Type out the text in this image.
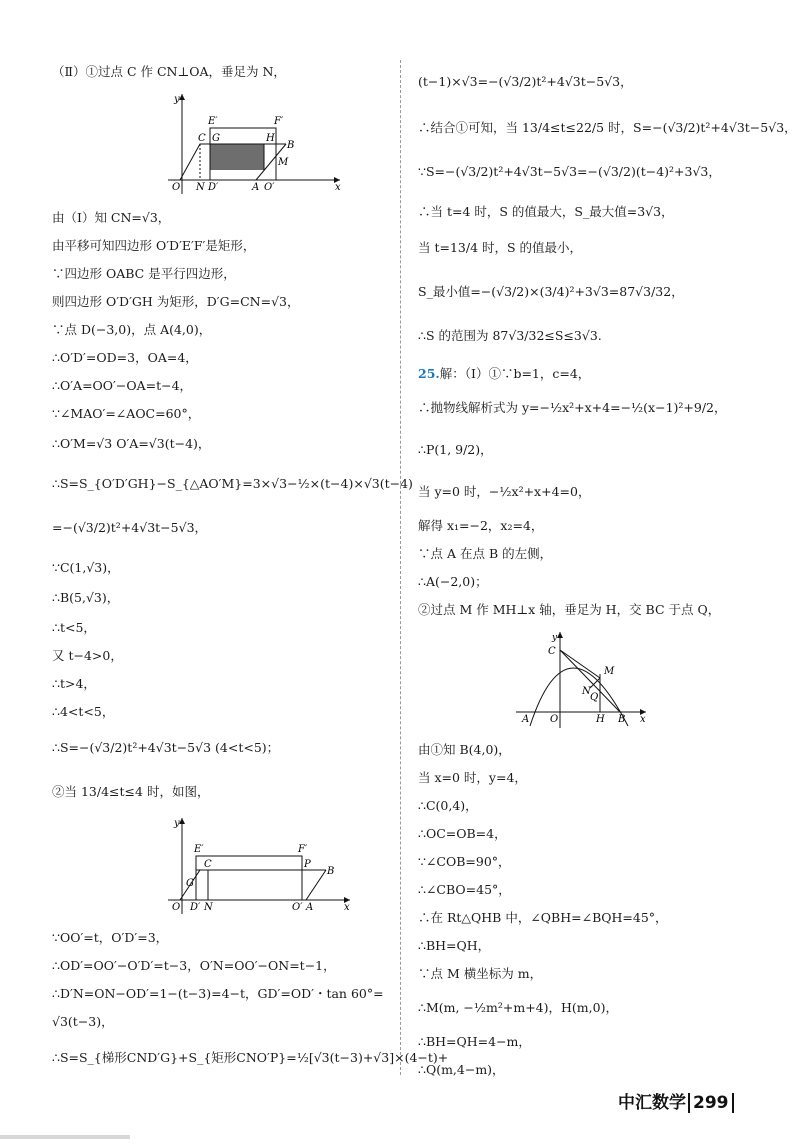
（Ⅱ）①过点 C 作 CN⊥OA，垂足为 N，
y
E′	F′
C G	H
B
M
O N D′	A O′	x
由（Ⅰ）知 CN=√3，
由平移可知四边形 O′D′E′F′是矩形，
∵四边形 OABC 是平行四边形，
则四边形 O′D′GH 为矩形，D′G=CN=√3，
∵点 D(−3,0)，点 A(4,0)，
∴O′D′=OD=3，OA=4，
∴O′A=OO′−OA=t−4，
∵∠MAO′=∠AOC=60°，
∴O′M=√3 O′A=√3(t−4)，
∴S=S_{O′D′GH}−S_{△AO′M}=3×√3−½×(t−4)×√3(t−4)
=−(√3/2)t²+4√3t−5√3，
∵C(1,√3)，
∴B(5,√3)，
∴t<5，
又 t−4>0，
∴t>4，
∴4<t<5，
∴S=−(√3/2)t²+4√3t−5√3 (4<t<5)；
②当 13/4≤t≤4 时，如图，
y
E′	F′
C	P
B
G
O D′ N	O′ A	x
∵OO′=t，O′D′=3，
∴OD′=OO′−O′D′=t−3，O′N=OO′−ON=t−1，
∴D′N=ON−OD′=1−(t−3)=4−t，GD′=OD′・tan 60°=
√3(t−3)，
∴S=S_{梯形CND′G}+S_{矩形CNO′P}=½[√3(t−3)+√3]×(4−t)+
(t−1)×√3=−(√3/2)t²+4√3t−5√3，
∴结合①可知，当 13/4≤t≤22/5 时，S=−(√3/2)t²+4√3t−5√3，
∵S=−(√3/2)t²+4√3t−5√3=−(√3/2)(t−4)²+3√3，
∴当 t=4 时，S 的值最大，S_最大值=3√3，
当 t=13/4 时，S 的值最小，
S_最小值=−(√3/2)×(3/4)²+3√3=87√3/32，
∴S 的范围为 87√3/32≤S≤3√3.
25.解：（Ⅰ）①∵b=1，c=4，
∴抛物线解析式为 y=−½x²+x+4=−½(x−1)²+9/2，
∴P(1, 9/2)，
当 y=0 时，−½x²+x+4=0，
解得 x₁=−2，x₂=4，
∵点 A 在点 B 的左侧，
∴A(−2,0)；
②过点 M 作 MH⊥x 轴，垂足为 H，交 BC 于点 Q，
y
C
M
N
Q
A O	H B x
由①知 B(4,0)，
当 x=0 时，y=4，
∴C(0,4)，
∴OC=OB=4，
∵∠COB=90°，
∴∠CBO=45°，
∴在 Rt△QHB 中，∠QBH=∠BQH=45°，
∴BH=QH，
∵点 M 横坐标为 m，
∴M(m, −½m²+m+4)，H(m,0)，
∴BH=QH=4−m，
∴Q(m,4−m)，
中汇数学 299
